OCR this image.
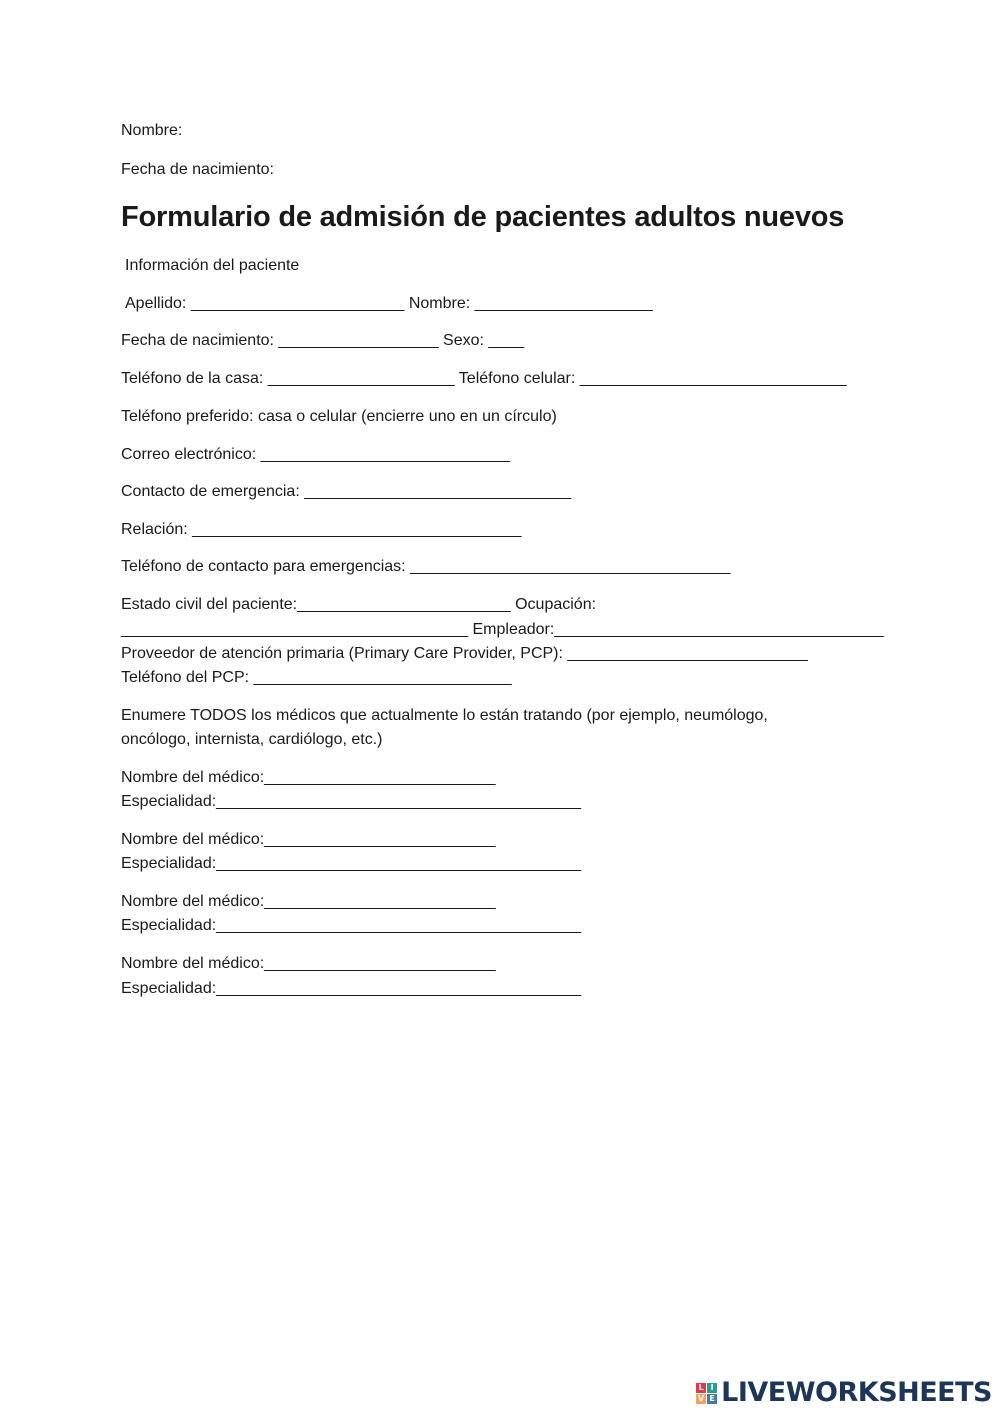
Nombre:

Fecha de nacimiento:

Formulario de admisión de pacientes adultos nuevos

Información del paciente

Apellido: ________________________ Nombre: ____________________

Fecha de nacimiento: __________________ Sexo: ____

Teléfono de la casa: _____________________ Teléfono celular: ______________________________

Teléfono preferido: casa o celular (encierre uno en un círculo)

Correo electrónico: ____________________________

Contacto de emergencia: ______________________________

Relación: _____________________________________

Teléfono de contacto para emergencias: ____________________________________

Estado civil del paciente:________________________ Ocupación:

_______________________________________ Empleador:_____________________________________

Proveedor de atención primaria (Primary Care Provider, PCP): ___________________________

Teléfono del PCP: _____________________________

Enumere TODOS los médicos que actualmente lo están tratando (por ejemplo, neumólogo,

oncólogo, internista, cardiólogo, etc.)

Nombre del médico:__________________________

Especialidad:_________________________________________

Nombre del médico:__________________________

Especialidad:_________________________________________

Nombre del médico:__________________________

Especialidad:_________________________________________

Nombre del médico:__________________________

Especialidad:_________________________________________

L I
V E LIVEWORKSHEETS
